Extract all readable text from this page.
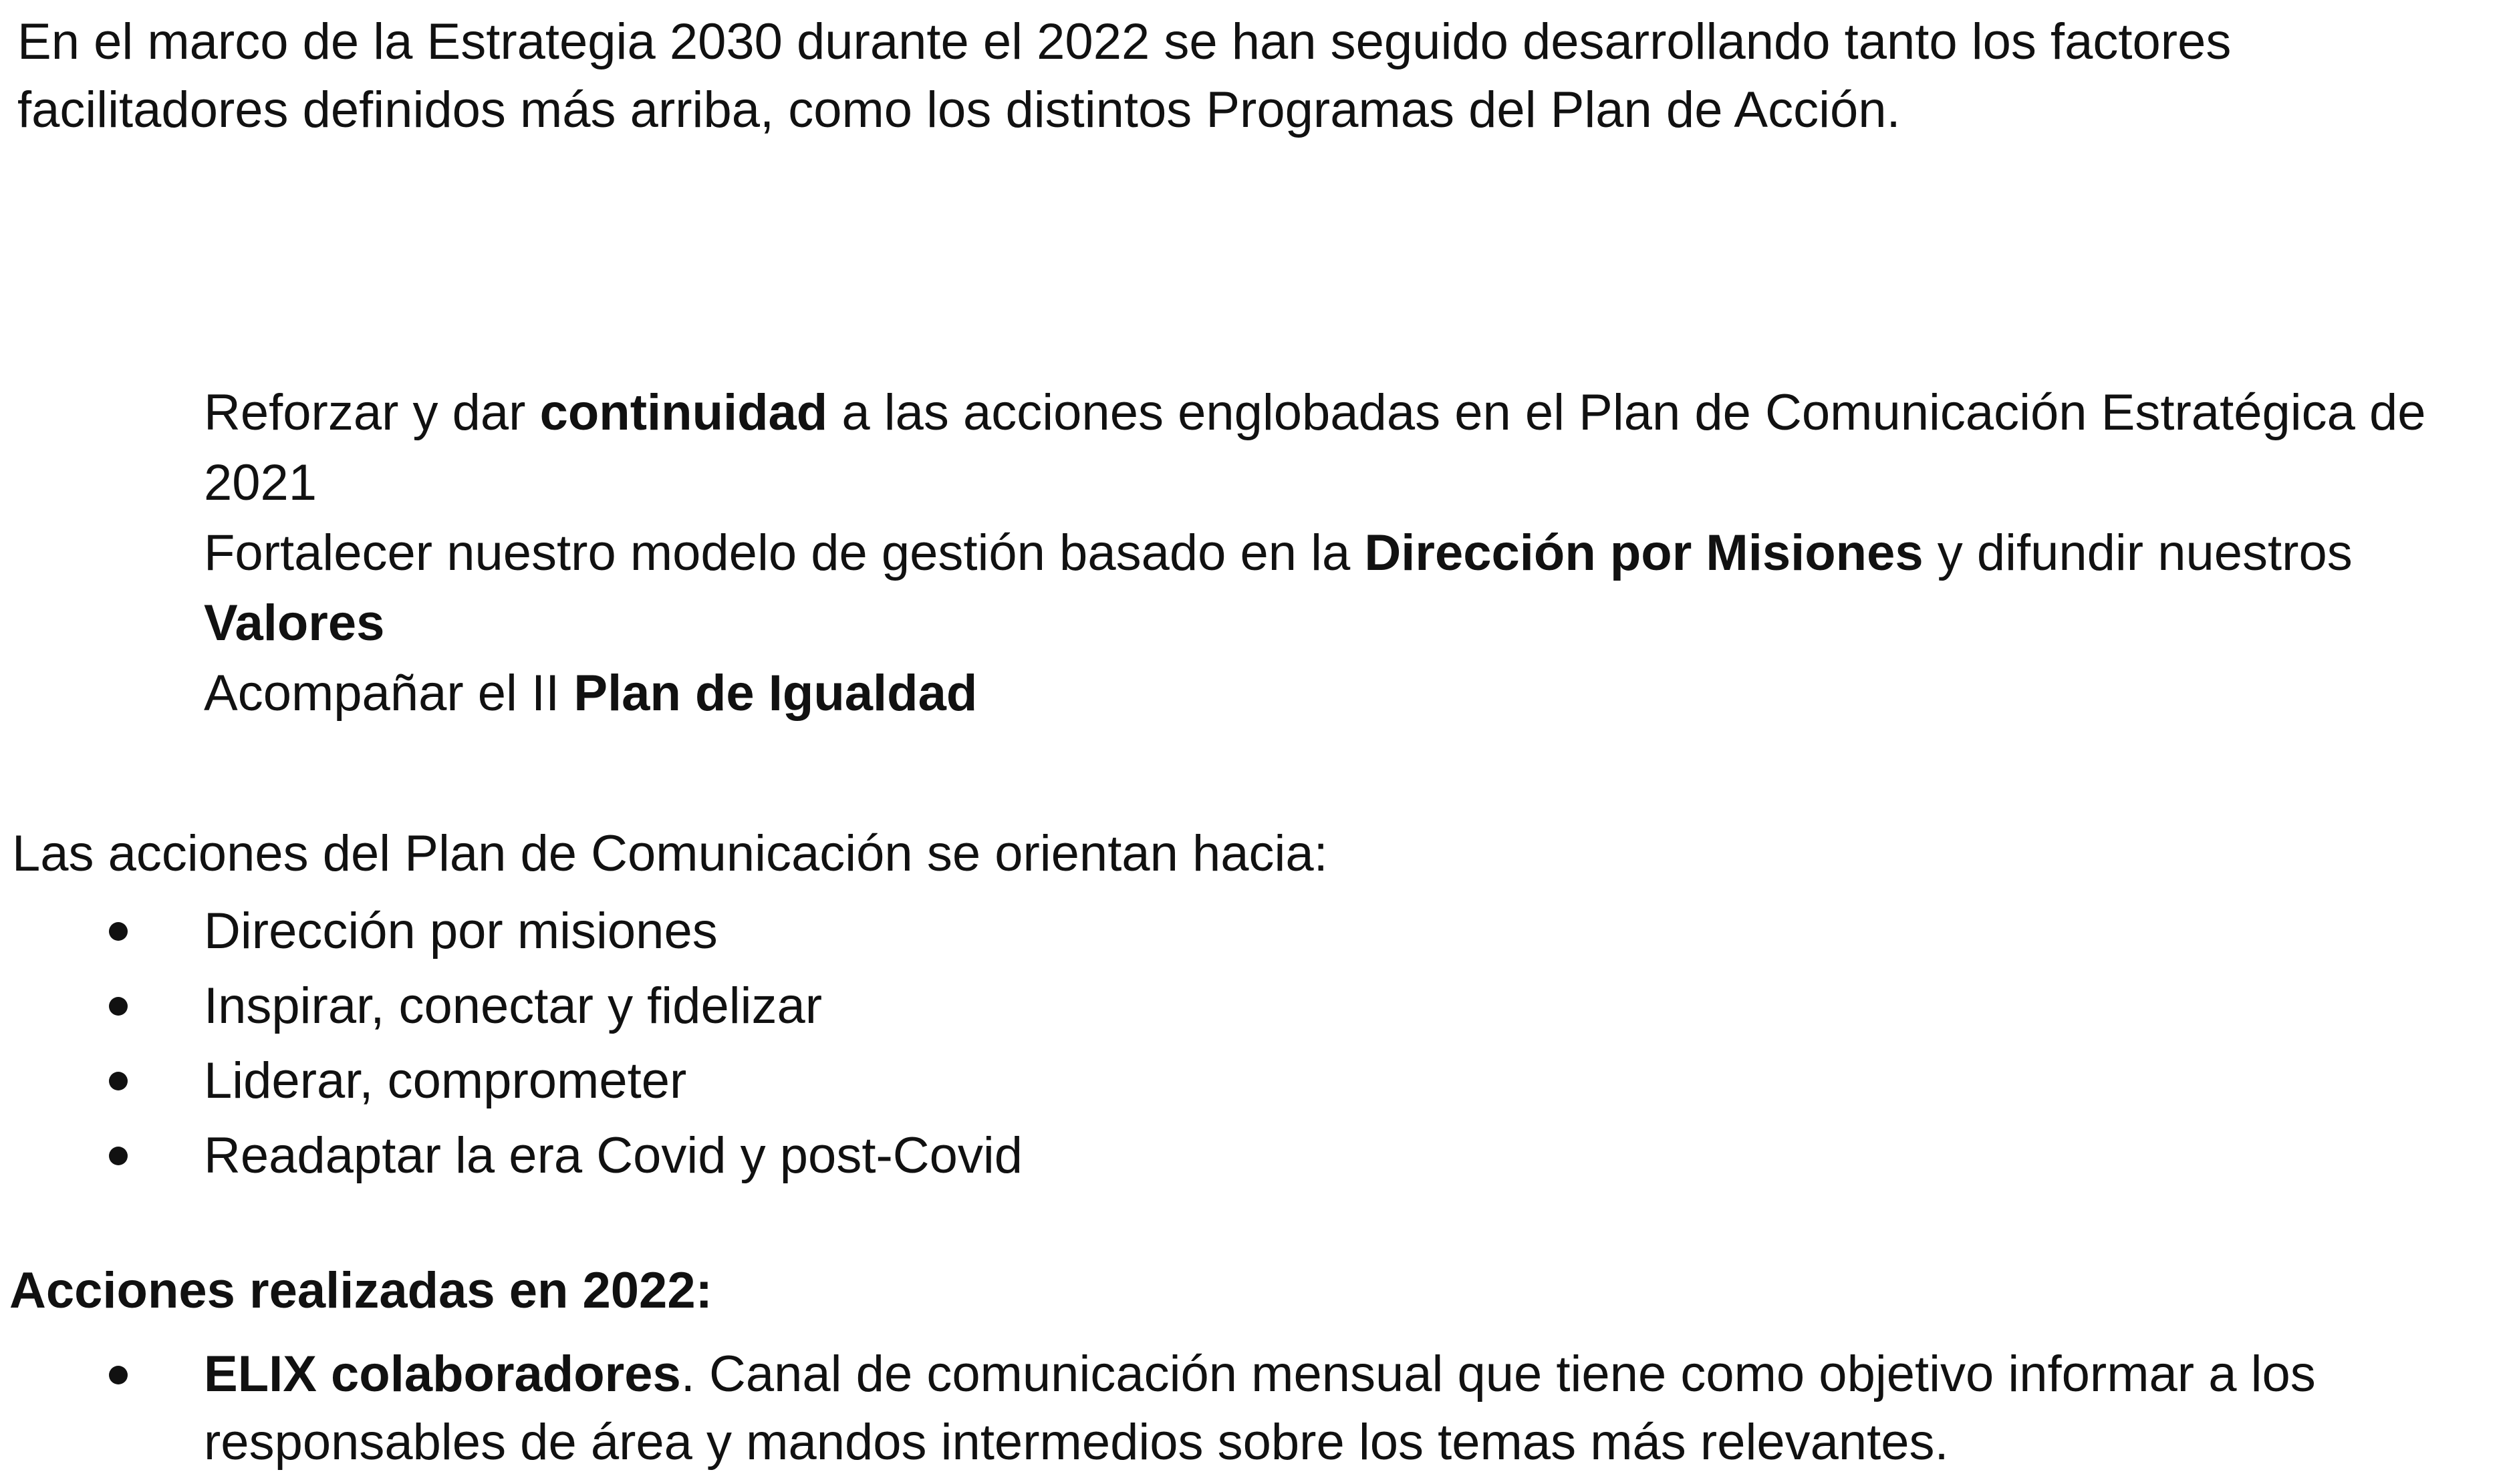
En el marco de la Estrategia 2030 durante el 2022 se han seguido desarrollando tanto los factores facilitadores definidos más arriba, como los distintos Programas del Plan de Acción.

Reforzar y dar continuidad a las acciones englobadas en el Plan de Comunicación Estratégica de 2021
Fortalecer nuestro modelo de gestión basado en la Dirección por Misiones y difundir nuestros Valores
Acompañar el II Plan de Igualdad

Las acciones del Plan de Comunicación se orientan hacia:

Dirección por misiones
Inspirar, conectar y fidelizar
Liderar, comprometer
Readaptar la era Covid y post-Covid

Acciones realizadas en 2022:

ELIX colaboradores. Canal de comunicación mensual que tiene como objetivo informar a los responsables de área y mandos intermedios sobre los temas más relevantes.
